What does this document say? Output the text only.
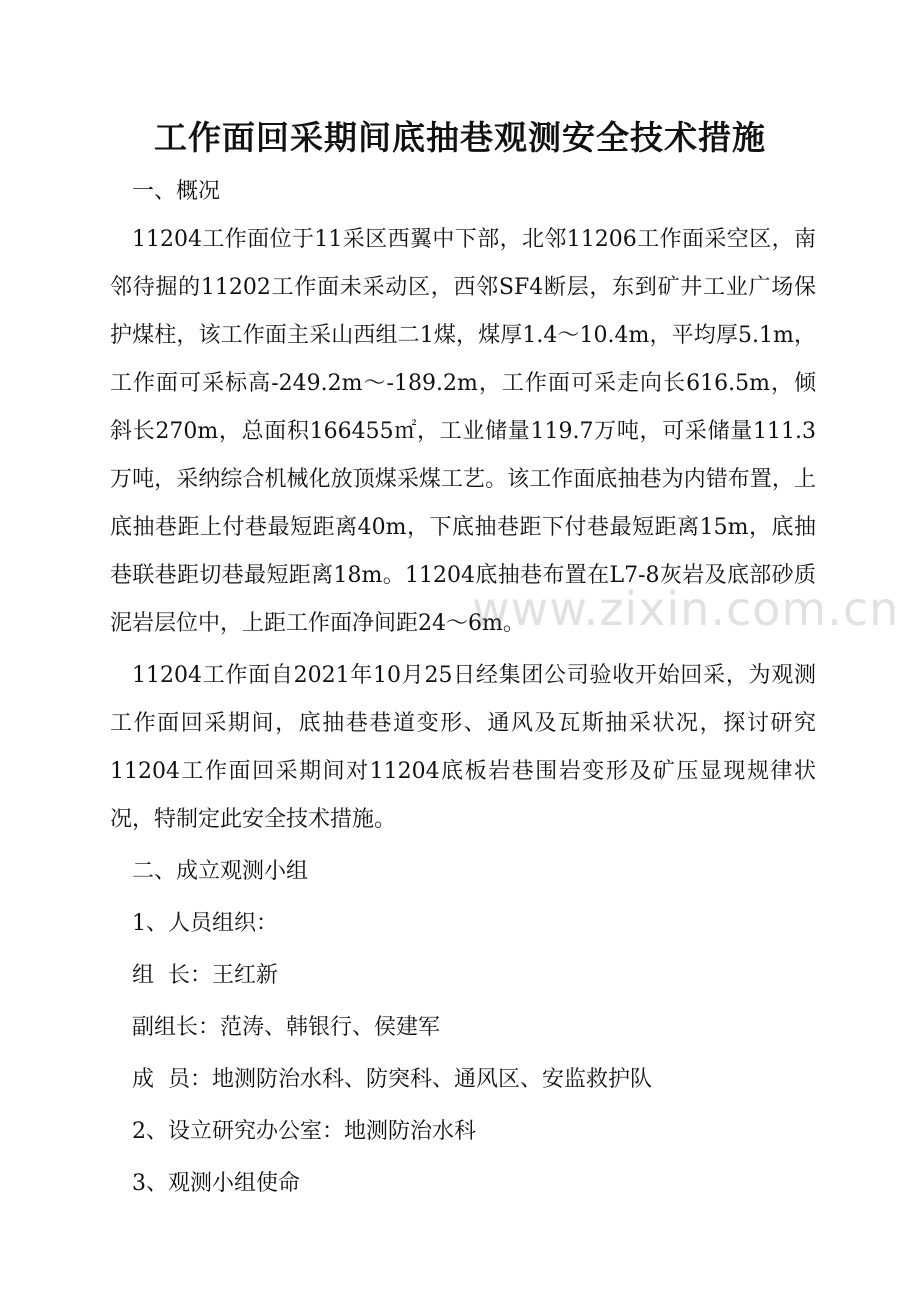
工作面回采期间底抽巷观测安全技术措施
一、概况

11204工作面位于11采区西翼中下部，北邻11206工作面采空区，南邻待掘的11202工作面未采动区，西邻SF4断层，东到矿井工业广场保护煤柱，该工作面主采山西组二1煤，煤厚1.4～10.4m，平均厚5.1m，工作面可采标高-249.2m～-189.2m，工作面可采走向长616.5m，倾斜长270m，总面积166455㎡，工业储量119.7万吨，可采储量111.3万吨，采纳综合机械化放顶煤采煤工艺。该工作面底抽巷为内错布置，上底抽巷距上付巷最短距离40m，下底抽巷距下付巷最短距离15m，底抽巷联巷距切巷最短距离18m。11204底抽巷布置在L7-8灰岩及底部砂质泥岩层位中，上距工作面净间距24～6m。

11204工作面自2021年10月25日经集团公司验收开始回采，为观测工作面回采期间，底抽巷巷道变形、通风及瓦斯抽采状况，探讨研究11204工作面回采期间对11204底板岩巷围岩变形及矿压显现规律状况，特制定此安全技术措施。

二、成立观测小组
1、人员组织：
组  长：王红新
副组长：范涛、韩银行、侯建军
成  员：地测防治水科、防突科、通风区、安监救护队
2、设立研究办公室：地测防治水科
3、观测小组使命
www.zixin.com.cn
